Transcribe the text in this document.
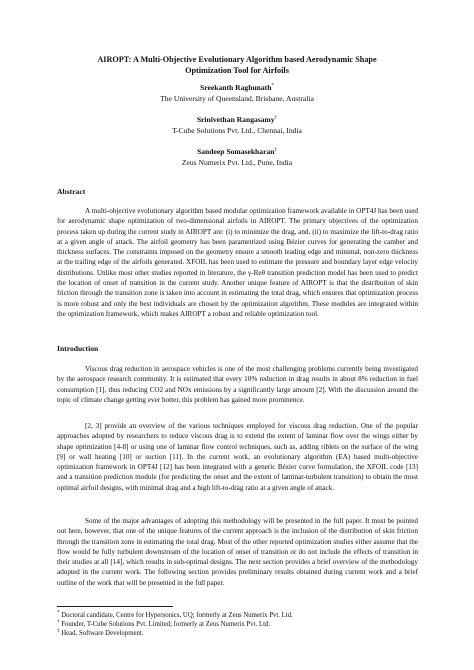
AIROPT: A Multi-Objective Evolutionary Algorithm based Aerodynamic Shape Optimization Tool for Airfoils
Sreekanth Raghunath*
The University of Queensland, Brisbane, Australia
Srinivethan Rangasamy†
T-Cube Solutions Pvt. Ltd., Chennai, India
Sandeep Somasekharan‡
Zeus Numerix Pvt. Ltd., Pune, India
Abstract

A multi-objective evolutionary algorithm based modular optimization framework available in OPT4J has been used for aerodynamic shape optimization of two-dimensional airfoils in AIROPT. The primary objectives of the optimization process taken up during the current study in AIROPT are: (i) to minimize the drag, and, (ii) to maximize the lift-to-drag ratio at a given angle of attack. The airfoil geometry has been parametrized using Bézier curves for generating the camber and thickness surfaces. The constraints imposed on the geometry ensure a smooth leading edge and minimal, non-zero thickness at the trailing edge of the airfoils generated. XFOIL has been used to estimate the pressure and boundary layer edge velocity distributions. Unlike most other studies reported in literature, the γ-Reθ transition prediction model has been used to predict the location of onset of transition in the current study. Another unique feature of AIROPT is that the distribution of skin friction through the transition zone is taken into account in estimating the total drag, which ensures that optimization process is more robust and only the best individuals are chosen by the optimization algorithm. These modules are integrated within the optimization framework, which makes AIROPT a robust and reliable optimization tool.

Introduction

Viscous drag reduction in aerospace vehicles is one of the most challenging problems currently being investigated by the aerospace research community. It is estimated that every 10% reduction in drag results in about 8% reduction in fuel consumption [1], thus reducing CO2 and NOx emissions by a significantly large amount [2]. With the discussion around the topic of climate change getting ever hotter, this problem has gained more prominence.

[2, 3] provide an overview of the various techniques employed for viscous drag reduction. One of the popular approaches adopted by researchers to reduce viscous drag is to extend the extent of laminar flow over the wings either by shape optimization [4-8] or using one of laminar flow control techniques, such as, adding riblets on the surface of the wing [9] or wall heating [10] or suction [11]. In the current work, an evolutionary algorithm (EA) based multi-objective optimization framework in OPT4J [12] has been integrated with a generic Bézier curve formulation, the XFOIL code [13] and a transition prediction module (for predicting the onset and the extent of laminar-turbulent transition) to obtain the most optimal airfoil designs, with minimal drag and a high lift-to-drag ratio at a given angle of attack.

Some of the major advantages of adopting this methodology will be presented in the full paper. It must be pointed out here, however, that one of the unique features of the current approach is the inclusion of the distribution of skin friction through the transition zone in estimating the total drag. Most of the other reported optimization studies either assume that the flow would be fully turbulent downstream of the location of onset of transition or do not include the effects of transition in their studies at all [14], which results in sub-optimal designs. The next section provides a brief overview of the methodology adopted in the current work. The following section provides preliminary results obtained during current work and a brief outline of the work that will be presented in the full paper.

* Doctoral candidate, Centre for Hypersonics, UQ; formerly at Zeus Numerix Pvt. Ltd.
† Founder, T-Cube Solutions Pvt. Limited; formerly at Zeus Numerix Pvt. Ltd.
‡ Head, Software Development.
